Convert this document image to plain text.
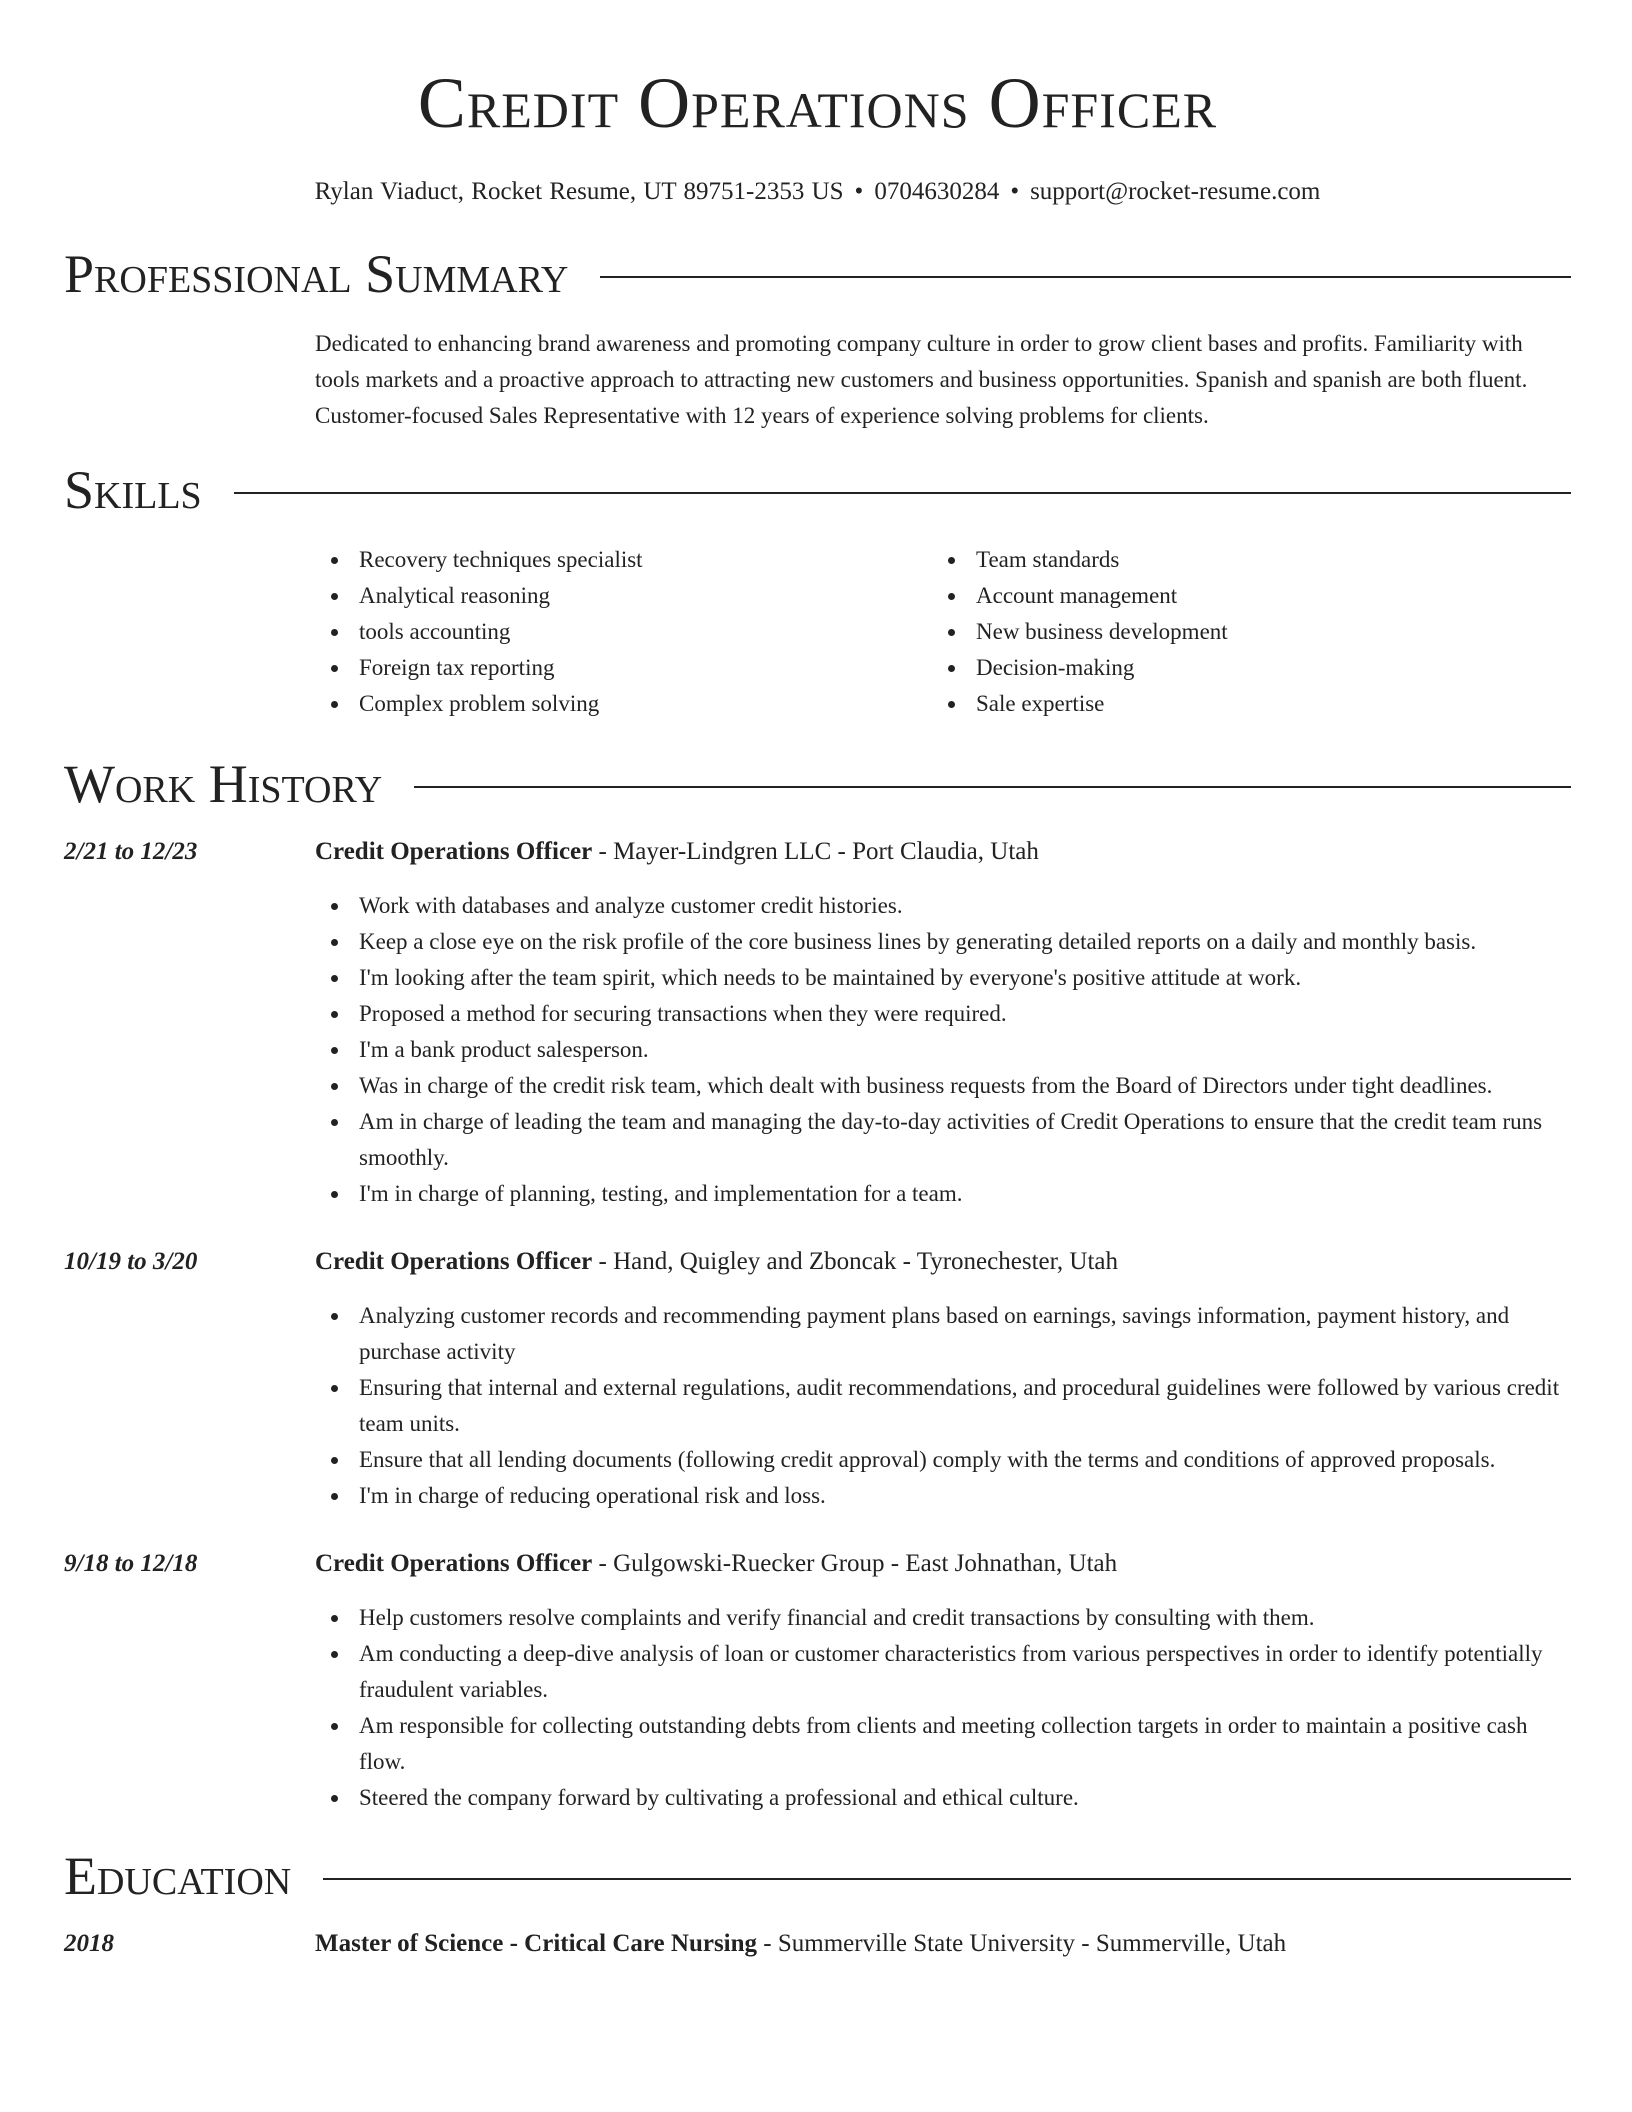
Credit Operations Officer
Rylan Viaduct, Rocket Resume, UT 89751-2353 US • 0704630284 • support@rocket-resume.com
Professional Summary
Dedicated to enhancing brand awareness and promoting company culture in order to grow client bases and profits. Familiarity with tools markets and a proactive approach to attracting new customers and business opportunities. Spanish and spanish are both fluent. Customer-focused Sales Representative with 12 years of experience solving problems for clients.
Skills
Recovery techniques specialist
Analytical reasoning
tools accounting
Foreign tax reporting
Complex problem solving
Team standards
Account management
New business development
Decision-making
Sale expertise
Work History
2/21 to 12/23	Credit Operations Officer - Mayer-Lindgren LLC - Port Claudia, Utah
Work with databases and analyze customer credit histories.
Keep a close eye on the risk profile of the core business lines by generating detailed reports on a daily and monthly basis.
I'm looking after the team spirit, which needs to be maintained by everyone's positive attitude at work.
Proposed a method for securing transactions when they were required.
I'm a bank product salesperson.
Was in charge of the credit risk team, which dealt with business requests from the Board of Directors under tight deadlines.
Am in charge of leading the team and managing the day-to-day activities of Credit Operations to ensure that the credit team runs smoothly.
I'm in charge of planning, testing, and implementation for a team.
10/19 to 3/20	Credit Operations Officer - Hand, Quigley and Zboncak - Tyronechester, Utah
Analyzing customer records and recommending payment plans based on earnings, savings information, payment history, and purchase activity
Ensuring that internal and external regulations, audit recommendations, and procedural guidelines were followed by various credit team units.
Ensure that all lending documents (following credit approval) comply with the terms and conditions of approved proposals.
I'm in charge of reducing operational risk and loss.
9/18 to 12/18	Credit Operations Officer - Gulgowski-Ruecker Group - East Johnathan, Utah
Help customers resolve complaints and verify financial and credit transactions by consulting with them.
Am conducting a deep-dive analysis of loan or customer characteristics from various perspectives in order to identify potentially fraudulent variables.
Am responsible for collecting outstanding debts from clients and meeting collection targets in order to maintain a positive cash flow.
Steered the company forward by cultivating a professional and ethical culture.
Education
2018	Master of Science - Critical Care Nursing - Summerville State University - Summerville, Utah
